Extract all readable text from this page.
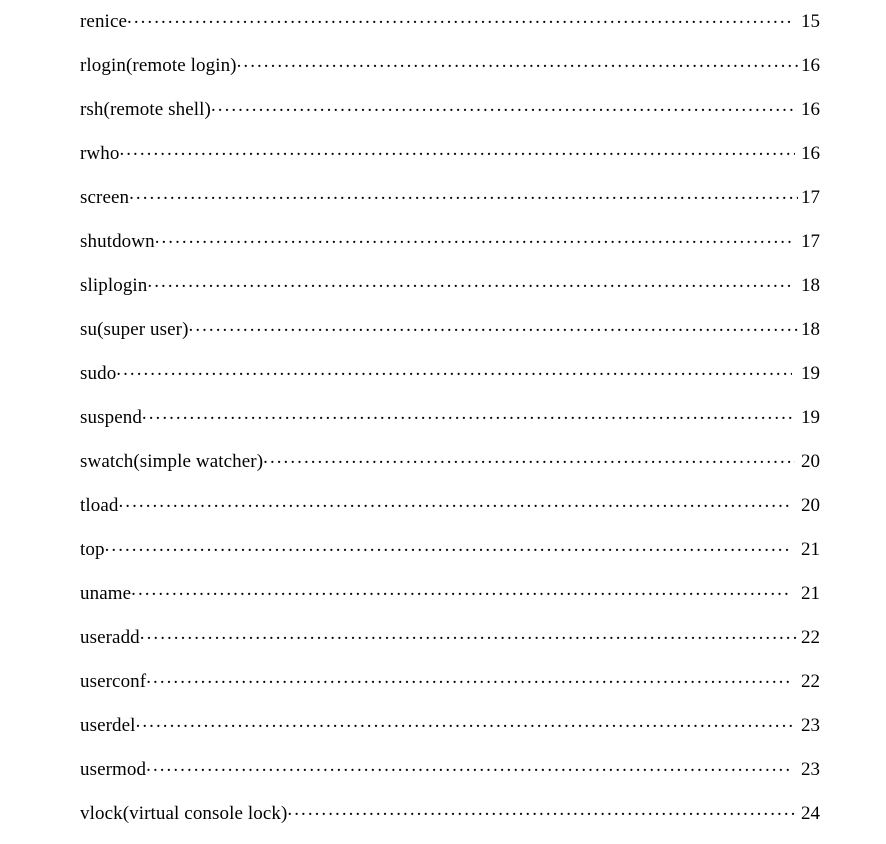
renice .....	15
rlogin(remote login) .....	16
rsh(remote shell) .....	16
rwho .....	16
screen .....	17
shutdown .....	17
sliplogin .....	18
su(super user) .....	18
sudo .....	19
suspend .....	19
swatch(simple watcher) .....	20
tload .....	20
top .....	21
uname .....	21
useradd .....	22
userconf .....	22
userdel .....	23
usermod .....	23
vlock(virtual console lock) .....	24
